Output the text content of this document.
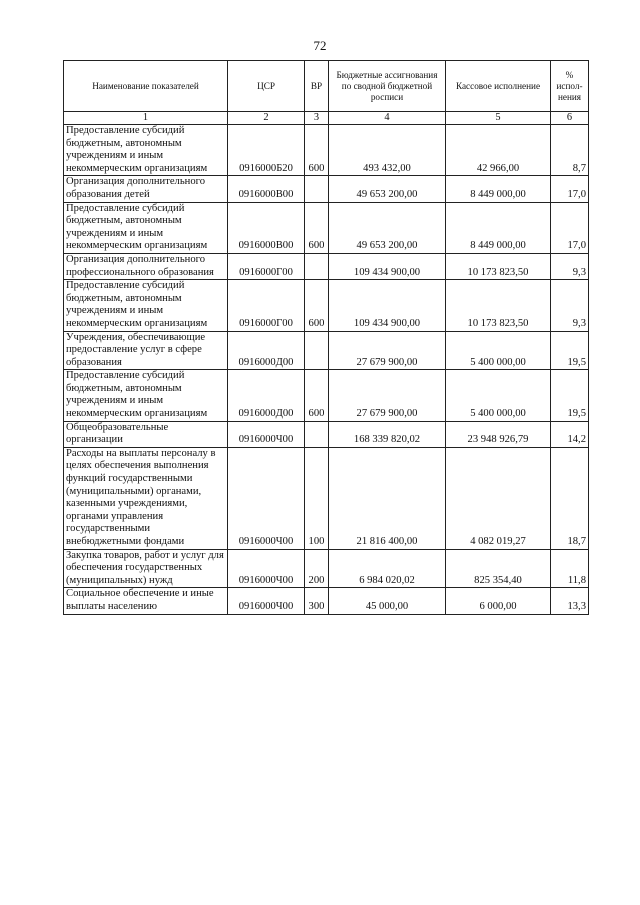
72
Наименование показателей	ЦСР	ВР	Бюджетные ассигнования по сводной бюджетной росписи	Кассовое исполнение	% испол-нения
1	2	3	4	5	6
Предоставление субсидий бюджетным, автономным учреждениям и иным некоммерческим организациям	0916000Б20	600	493 432,00	42 966,00	8,7
Организация дополнительного образования детей	0916000В00		49 653 200,00	8 449 000,00	17,0
Предоставление субсидий бюджетным, автономным учреждениям и иным некоммерческим организациям	0916000В00	600	49 653 200,00	8 449 000,00	17,0
Организация дополнительного профессионального образования	0916000Г00		109 434 900,00	10 173 823,50	9,3
Предоставление субсидий бюджетным, автономным учреждениям и иным некоммерческим организациям	0916000Г00	600	109 434 900,00	10 173 823,50	9,3
Учреждения, обеспечивающие предоставление услуг в сфере образования	0916000Д00		27 679 900,00	5 400 000,00	19,5
Предоставление субсидий бюджетным, автономным учреждениям и иным некоммерческим организациям	0916000Д00	600	27 679 900,00	5 400 000,00	19,5
Общеобразовательные организации	0916000Ч00		168 339 820,02	23 948 926,79	14,2
Расходы на выплаты персоналу в целях обеспечения выполнения функций государственными (муниципальными) органами, казенными учреждениями, органами управления государственными внебюджетными фондами	0916000Ч00	100	21 816 400,00	4 082 019,27	18,7
Закупка товаров, работ и услуг для обеспечения государственных (муниципальных) нужд	0916000Ч00	200	6 984 020,02	825 354,40	11,8
Социальное обеспечение и иные выплаты населению	0916000Ч00	300	45 000,00	6 000,00	13,3
